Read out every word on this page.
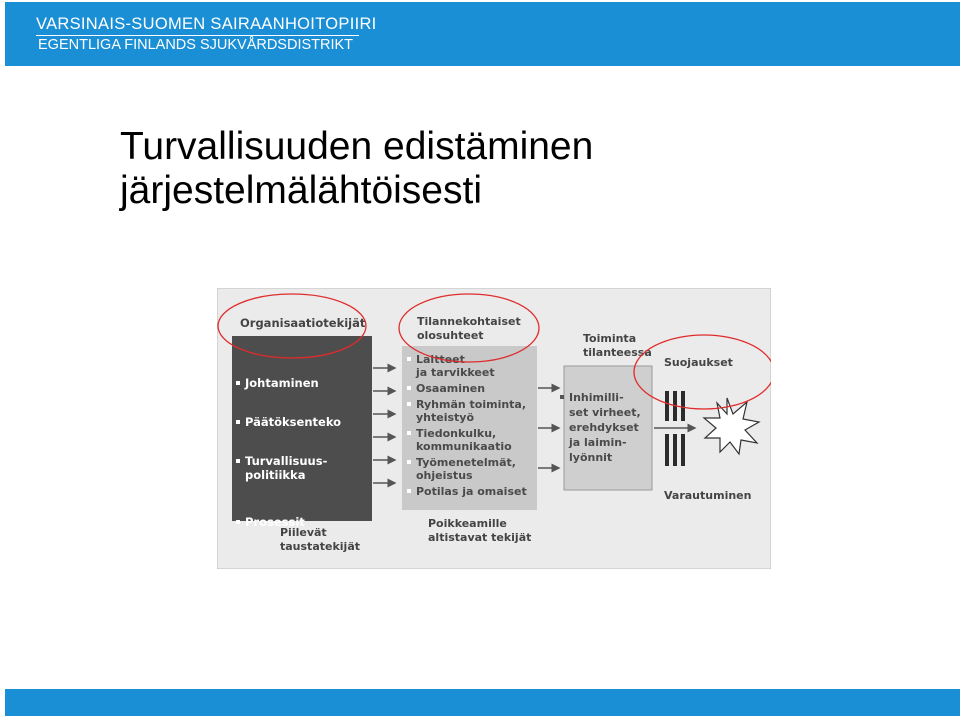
VARSINAIS-SUOMEN SAIRAANHOITOPIIRI
EGENTLIGA FINLANDS SJUKVÅRDSDISTRIKT
Turvallisuuden edistäminen
järjestelmälähtöisesti
Organisaatiotekijät
Johtaminen
Päätöksenteko
Turvallisuus-politiikka
Prosessit
Piilevät taustatekijät
Tilannekohtaiset olosuhteet
Laitteet ja tarvikkeet
Osaaminen
Ryhmän toiminta, yhteistyö
Tiedonkulku, kommunikaatio
Työmenetelmät, ohjeistus
Potilas ja omaiset
Poikkeamille altistavat tekijät
Toiminta tilanteessa
Inhimilli-set virheet, erehdykset ja laimin-lyönnit
Suojaukset
Varautuminen
